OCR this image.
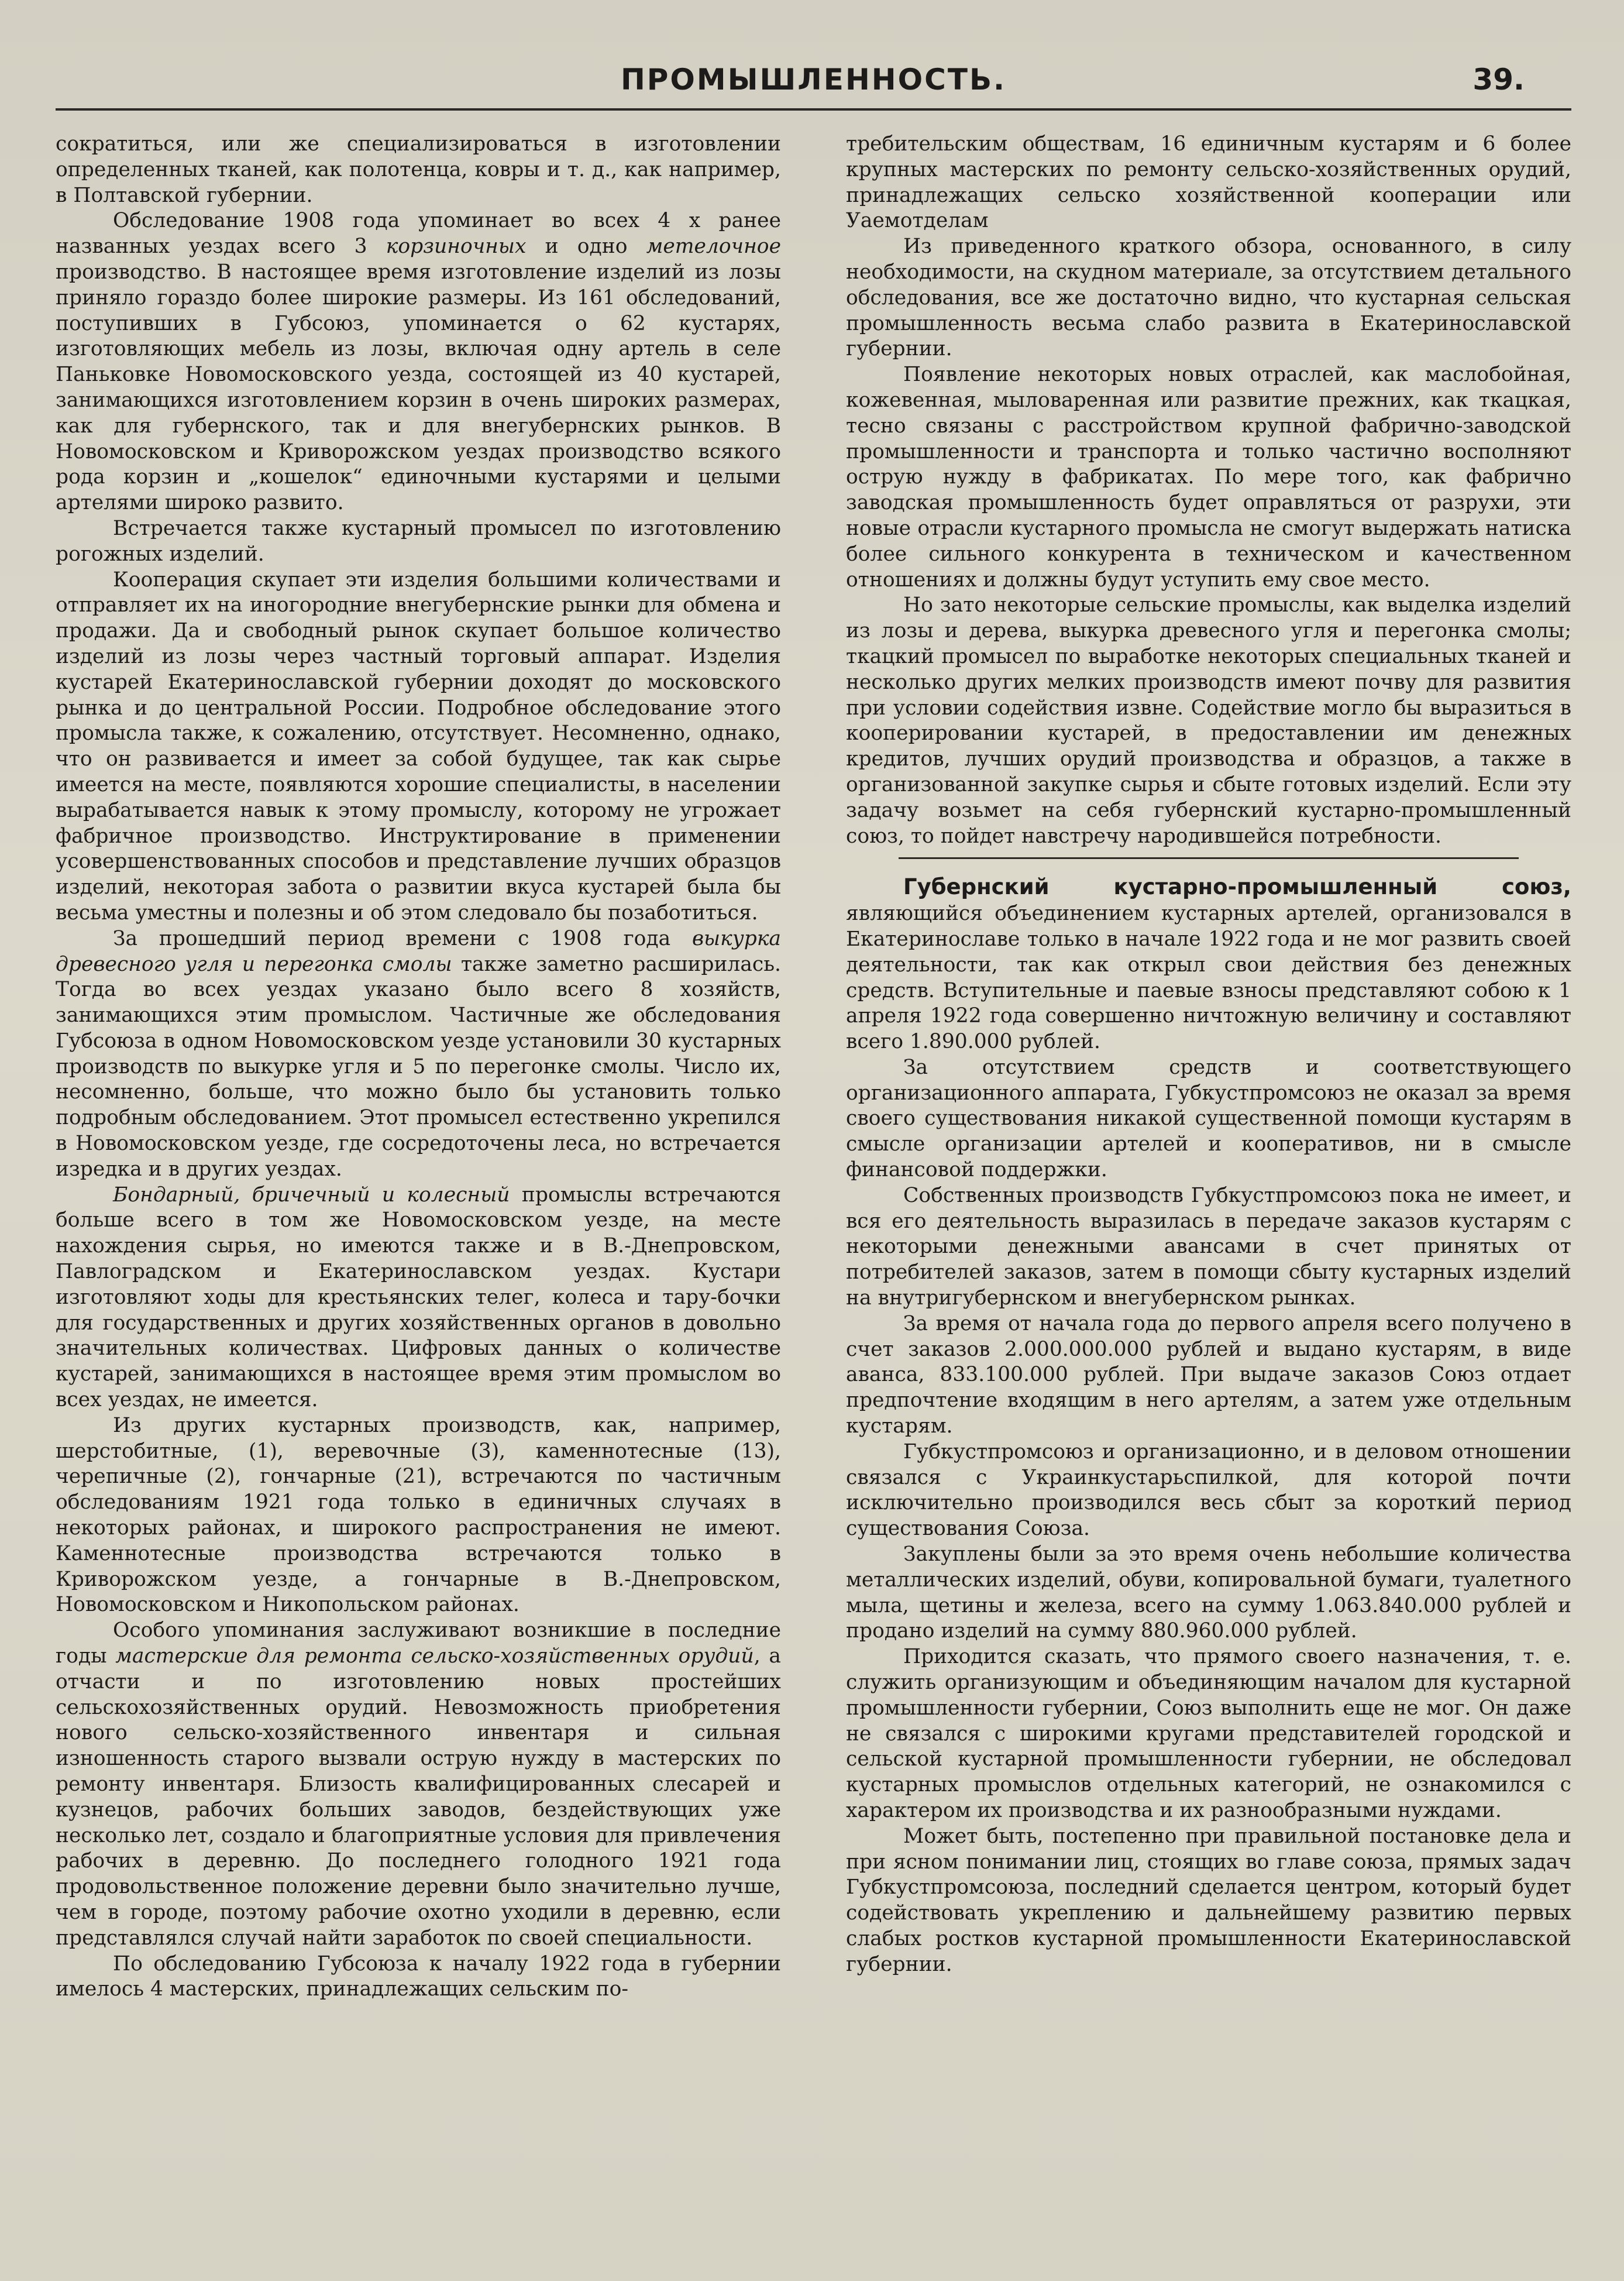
ПРОМЫШЛЕННОСТЬ.	39.

сократиться, или же специализироваться в изготовлении определенных тканей, как полотенца, ковры и т. д., как например, в Полтавской губернии.

Обследование 1908 года упоминает во всех 4 х ранее названных уездах всего 3 корзиночных и одно метелочное производство. В настоящее время изготовление изделий из лозы приняло гораздо более широкие размеры. Из 161 обследований, поступивших в Губсоюз, упоминается о 62 кустарях, изготовляющих мебель из лозы, включая одну артель в селе Паньковке Новомосковского уезда, состоящей из 40 кустарей, занимающихся изготовлением корзин в очень широких размерах, как для губернского, так и для внегубернских рынков. В Новомосковском и Криворожском уездах производство всякого рода корзин и „кошелок“ единочными кустарями и целыми артелями широко развито.

Встречается также кустарный промысел по изготовлению рогожных изделий.

Кооперация скупает эти изделия большими количествами и отправляет их на иногородние внегубернские рынки для обмена и продажи. Да и свободный рынок скупает большое количество изделий из лозы через частный торговый аппарат. Изделия кустарей Екатеринославской губернии доходят до московского рынка и до центральной России. Подробное обследование этого промысла также, к сожалению, отсутствует. Несомненно, однако, что он развивается и имеет за собой будущее, так как сырье имеется на месте, появляются хорошие специалисты, в населении вырабатывается навык к этому промыслу, которому не угрожает фабричное производство. Инструктирование в применении усовершенствованных способов и представление лучших образцов изделий, некоторая забота о развитии вкуса кустарей была бы весьма уместны и полезны и об этом следовало бы позаботиться.

За прошедший период времени с 1908 года выкурка древесного угля и перегонка смолы также заметно расширилась. Тогда во всех уездах указано было всего 8 хозяйств, занимающихся этим промыслом. Частичные же обследования Губсоюза в одном Новомосковском уезде установили 30 кустарных производств по выкурке угля и 5 по перегонке смолы. Число их, несомненно, больше, что можно было бы установить только подробным обследованием. Этот промысел естественно укрепился в Новомосковском уезде, где сосредоточены леса, но встречается изредка и в других уездах.

Бондарный, бричечный и колесный промыслы встречаются больше всего в том же Новомосковском уезде, на месте нахождения сырья, но имеются также и в В.-Днепровском, Павлоградском и Екатеринославском уездах. Кустари изготовляют ходы для крестьянских телег, колеса и тару-бочки для государственных и других хозяйственных органов в довольно значительных количествах. Цифровых данных о количестве кустарей, занимающихся в настоящее время этим промыслом во всех уездах, не имеется.

Из других кустарных производств, как, например, шерстобитные, (1), веревочные (3), каменнотесные (13), черепичные (2), гончарные (21), встречаются по частичным обследованиям 1921 года только в единичных случаях в некоторых районах, и широкого распространения не имеют. Каменнотесные производства встречаются только в Криворожском уезде, а гончарные в В.-Днепровском, Новомосковском и Никопольском районах.

Особого упоминания заслуживают возникшие в последние годы мастерские для ремонта сельско-хозяйственных орудий, а отчасти и по изготовлению новых простейших сельскохозяйственных орудий. Невозможность приобретения нового сельско-хозяйственного инвентаря и сильная изношенность старого вызвали острую нужду в мастерских по ремонту инвентаря. Близость квалифицированных слесарей и кузнецов, рабочих больших заводов, бездействующих уже несколько лет, создало и благоприятные условия для привлечения рабочих в деревню. До последнего голодного 1921 года продовольственное положение деревни было значительно лучше, чем в городе, поэтому рабочие охотно уходили в деревню, если представлялся случай найти заработок по своей специальности.

По обследованию Губсоюза к началу 1922 года в губернии имелось 4 мастерских, принадлежащих сельским по-

требительским обществам, 16 единичным кустарям и 6 более крупных мастерских по ремонту сельско-хозяйственных орудий, принадлежащих сельско хозяйственной кооперации или Уаемотделам

Из приведенного краткого обзора, основанного, в силу необходимости, на скудном материале, за отсутствием детального обследования, все же достаточно видно, что кустарная сельская промышленность весьма слабо развита в Екатеринославской губернии.

Появление некоторых новых отраслей, как маслобойная, кожевенная, мыловаренная или развитие прежних, как ткацкая, тесно связаны с расстройством крупной фабрично-заводской промышленности и транспорта и только частично восполняют острую нужду в фабрикатах. По мере того, как фабрично заводская промышленность будет оправляться от разрухи, эти новые отрасли кустарного промысла не смогут выдержать натиска более сильного конкурента в техническом и качественном отношениях и должны будут уступить ему свое место.

Но зато некоторые сельские промыслы, как выделка изделий из лозы и дерева, выкурка древесного угля и перегонка смолы; ткацкий промысел по выработке некоторых специальных тканей и несколько других мелких производств имеют почву для развития при условии содействия извне. Содействие могло бы выразиться в кооперировании кустарей, в предоставлении им денежных кредитов, лучших орудий производства и образцов, а также в организованной закупке сырья и сбыте готовых изделий. Если эту задачу возьмет на себя губернский кустарно-промышленный союз, то пойдет навстречу народившейся потребности.

Губернский кустарно-промышленный союз, являющийся объединением кустарных артелей, организовался в Екатеринославе только в начале 1922 года и не мог развить своей деятельности, так как открыл свои действия без денежных средств. Вступительные и паевые взносы представляют собою к 1 апреля 1922 года совершенно ничтожную величину и составляют всего 1.890.000 рублей.

За отсутствием средств и соответствующего организационного аппарата, Губкустпромсоюз не оказал за время своего существования никакой существенной помощи кустарям в смысле организации артелей и кооперативов, ни в смысле финансовой поддержки.

Собственных производств Губкустпромсоюз пока не имеет, и вся его деятельность выразилась в передаче заказов кустарям с некоторыми денежными авансами в счет принятых от потребителей заказов, затем в помощи сбыту кустарных изделий на внутригубернском и внегубернском рынках.

За время от начала года до первого апреля всего получено в счет заказов 2.000.000.000 рублей и выдано кустарям, в виде аванса, 833.100.000 рублей. При выдаче заказов Союз отдает предпочтение входящим в него артелям, а затем уже отдельным кустарям.

Губкустпромсоюз и организационно, и в деловом отношении связался с Украинкустарьспилкой, для которой почти исключительно производился весь сбыт за короткий период существования Союза.

Закуплены были за это время очень небольшие количества металлических изделий, обуви, копировальной бумаги, туалетного мыла, щетины и железа, всего на сумму 1.063.840.000 рублей и продано изделий на сумму 880.960.000 рублей.

Приходится сказать, что прямого своего назначения, т. е. служить организующим и объединяющим началом для кустарной промышленности губернии, Союз выполнить еще не мог. Он даже не связался с широкими кругами представителей городской и сельской кустарной промышленности губернии, не обследовал кустарных промыслов отдельных категорий, не ознакомился с характером их производства и их разнообразными нуждами.

Может быть, постепенно при правильной постановке дела и при ясном понимании лиц, стоящих во главе союза, прямых задач Губкустпромсоюза, последний сделается центром, который будет содействовать укреплению и дальнейшему развитию первых слабых ростков кустарной промышленности Екатеринославской губернии.
